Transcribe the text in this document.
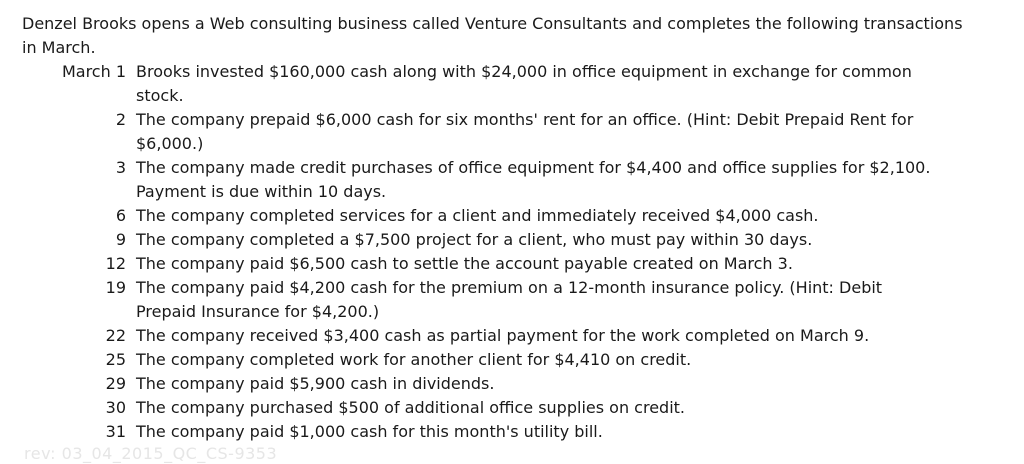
Denzel Brooks opens a Web consulting business called Venture Consultants and completes the following transactions in March.
March 1 Brooks invested $160,000 cash along with $24,000 in office equipment in exchange for common stock.
2 The company prepaid $6,000 cash for six months' rent for an office. (Hint: Debit Prepaid Rent for $6,000.)
3 The company made credit purchases of office equipment for $4,400 and office supplies for $2,100. Payment is due within 10 days.
6 The company completed services for a client and immediately received $4,000 cash.
9 The company completed a $7,500 project for a client, who must pay within 30 days.
12 The company paid $6,500 cash to settle the account payable created on March 3.
19 The company paid $4,200 cash for the premium on a 12-month insurance policy. (Hint: Debit Prepaid Insurance for $4,200.)
22 The company received $3,400 cash as partial payment for the work completed on March 9.
25 The company completed work for another client for $4,410 on credit.
29 The company paid $5,900 cash in dividends.
30 The company purchased $500 of additional office supplies on credit.
31 The company paid $1,000 cash for this month's utility bill.
rev: 03_04_2015_QC_CS-9353
